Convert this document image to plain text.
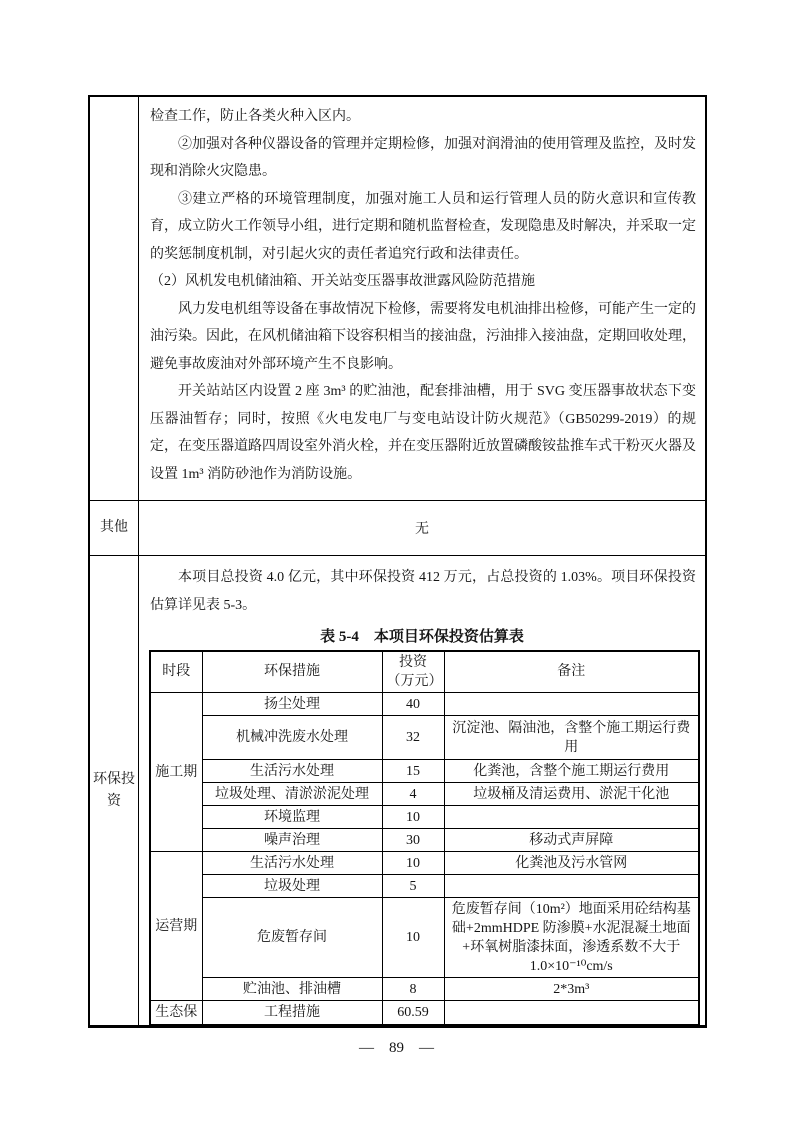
检查工作，防止各类火种入区内。

②加强对各种仪器设备的管理并定期检修，加强对润滑油的使用管理及监控，及时发现和消除火灾隐患。

③建立严格的环境管理制度，加强对施工人员和运行管理人员的防火意识和宣传教育，成立防火工作领导小组，进行定期和随机监督检查，发现隐患及时解决，并采取一定的奖惩制度机制，对引起火灾的责任者追究行政和法律责任。

（2）风机发电机储油箱、开关站变压器事故泄露风险防范措施

风力发电机组等设备在事故情况下检修，需要将发电机油排出检修，可能产生一定的油污染。因此，在风机储油箱下设容积相当的接油盘，污油排入接油盘，定期回收处理，避免事故废油对外部环境产生不良影响。

开关站站区内设置 2 座 3m³ 的贮油池，配套排油槽，用于 SVG 变压器事故状态下变压器油暂存；同时，按照《火电发电厂与变电站设计防火规范》（GB50299-2019）的规定，在变压器道路四周设室外消火栓，并在变压器附近放置磷酸铵盐推车式干粉灭火器及设置 1m³ 消防砂池作为消防设施。

其他	无
环保投资

本项目总投资 4.0 亿元，其中环保投资 412 万元，占总投资的 1.03%。项目环保投资估算详见表 5-3。

表 5-4　本项目环保投资估算表

时段	环保措施	投资（万元）	备注
施工期	扬尘处理	40	
	机械冲洗废水处理	32	沉淀池、隔油池，含整个施工期运行费用
	生活污水处理	15	化粪池，含整个施工期运行费用
	垃圾处理、清淤淤泥处理	4	垃圾桶及清运费用、淤泥干化池
	环境监理	10	
	噪声治理	30	移动式声屏障
运营期	生活污水处理	10	化粪池及污水管网
	垃圾处理	5	
	危废暂存间	10	危废暂存间（10m²）地面采用砼结构基础+2mmHDPE 防渗膜+水泥混凝土地面+环氧树脂漆抹面，渗透系数不大于 1.0×10⁻¹⁰cm/s
	贮油池、排油槽	8	2*3m³
生态保	工程措施	60.59	
—　89　—
